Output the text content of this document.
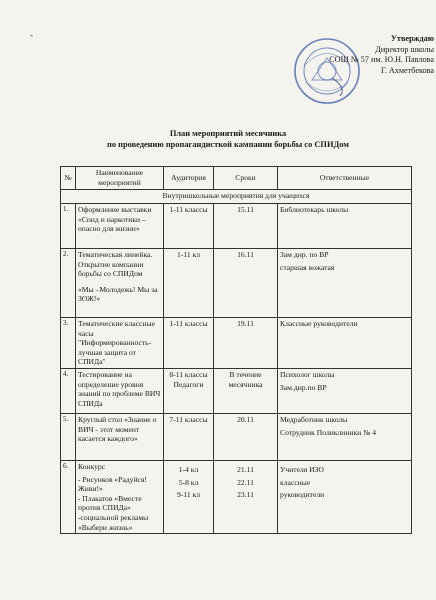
-	Утверждаю
Директор школы
СОШ № 57 им. Ю.Н. Павлова
Г. Ахметбекова
План мероприятий месячника
по проведению пропагандисткой кампании борьбы со СПИДом
№	Наименование мероприятий	Аудитория	Сроки	Ответственные
Внутришкольные мероприятия для учащихся				
1.	Оформление выставки «Спид и наркотики – опасно для жизни»	1-11 классы	15.11	Библиотекарь школы

2.	Тематическая линейка. Открытие компании борьбы со СПИДом
«Мы –Молодежь! Мы за ЗОЖ!»	1-11 кл	16.11	Зам дир. по ВР
старшая вожатая

3.	Тематические классные часы "Информированность-лучшая защита от СПИДа"	1-11 классы	19.11	Классные руководители

4.	Тестирование на определение уровня знаний по проблеме ВИЧ СПИДа	8-11 классы
Педагоги	В течение месячника	Психолог школы
Зам.дир.по ВР

5.	Круглый стол «Знание о ВИЧ - этот момент касается каждого»	7-11 классы	20.11	Медработник школы
Сотрудник Поликлиники № 4

6.	Конкурс
- Рисунков «Радуйся! Живи!»
- Плакатов «Вместе против СПИДа»
-социальной рекламы «Выбери жизнь»	1-4 кл
5-8 кл
9-11 кл	21.11
22.11
23.11	Учителя ИЗО
классные
руководители
